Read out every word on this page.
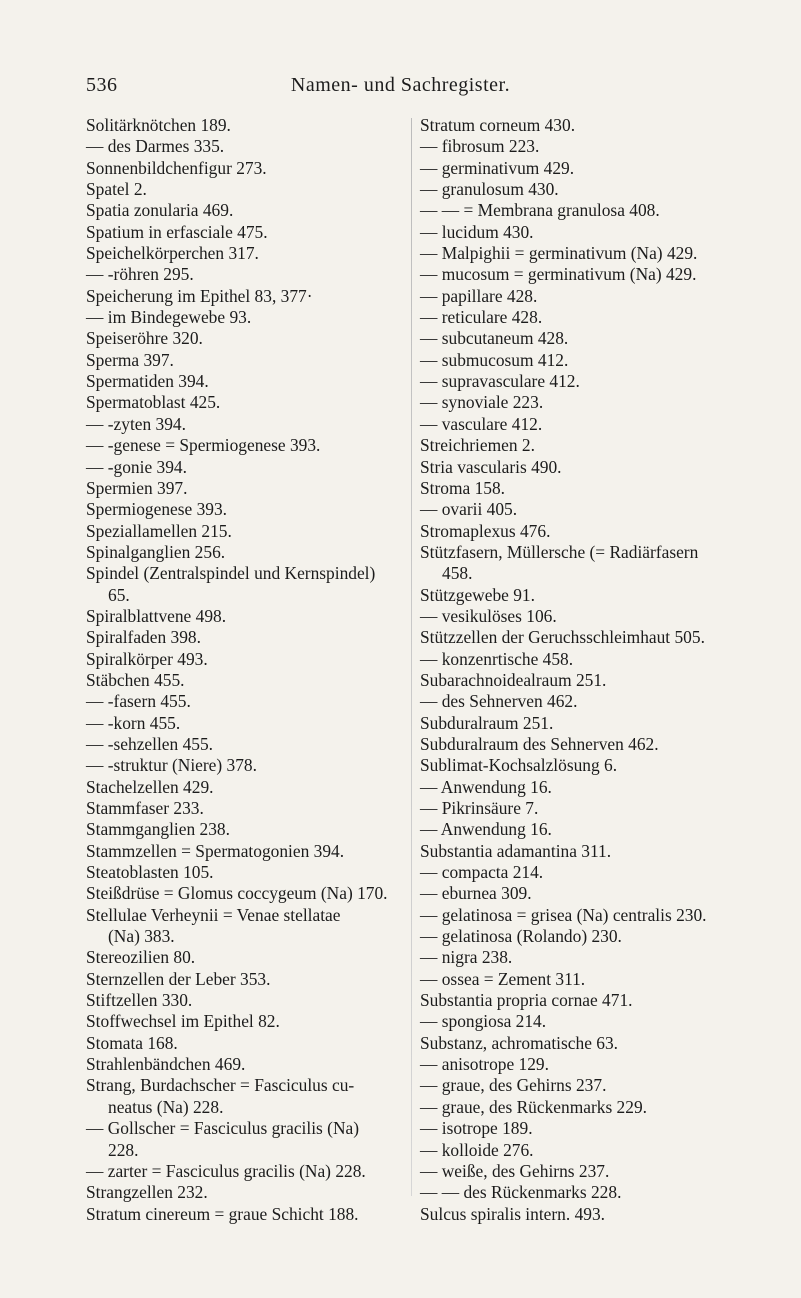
536	Namen- und Sachregister.
Solitärknötchen 189.
— des Darmes 335.
Sonnenbildchenfigur 273.
Spatel 2.
Spatia zonularia 469.
Spatium in erfasciale 475.
Speichelkörperchen 317.
— -röhren 295.
Speicherung im Epithel 83, 377·
— im Bindegewebe 93.
Speiseröhre 320.
Sperma 397.
Spermatiden 394.
Spermatoblast 425.
— -zyten 394.
— -genese = Spermiogenese 393.
— -gonie 394.
Spermien 397.
Spermiogenese 393.
Speziallamellen 215.
Spinalganglien 256.
Spindel (Zentralspindel und Kernspindel)
65.
Spiralblattvene 498.
Spiralfaden 398.
Spiralkörper 493.
Stäbchen 455.
— -fasern 455.
— -korn 455.
— -sehzellen 455.
— -struktur (Niere) 378.
Stachelzellen 429.
Stammfaser 233.
Stammganglien 238.
Stammzellen = Spermatogonien 394.
Steatoblasten 105.
Steißdrüse = Glomus coccygeum (Na) 170.
Stellulae Verheynii = Venae stellatae
(Na) 383.
Stereozilien 80.
Sternzellen der Leber 353.
Stiftzellen 330.
Stoffwechsel im Epithel 82.
Stomata 168.
Strahlenbändchen 469.
Strang, Burdachscher = Fasciculus cu-
neatus (Na) 228.
— Gollscher = Fasciculus gracilis (Na)
228.
— zarter = Fasciculus gracilis (Na) 228.
Strangzellen 232.
Stratum cinereum = graue Schicht 188.
Stratum corneum 430.
— fibrosum 223.
— germinativum 429.
— granulosum 430.
— — = Membrana granulosa 408.
— lucidum 430.
— Malpighii = germinativum (Na) 429.
— mucosum = germinativum (Na) 429.
— papillare 428.
— reticulare 428.
— subcutaneum 428.
— submucosum 412.
— supravasculare 412.
— synoviale 223.
— vasculare 412.
Streichriemen 2.
Stria vascularis 490.
Stroma 158.
— ovarii 405.
Stromaplexus 476.
Stützfasern, Müllersche (= Radiärfasern
458.
Stützgewebe 91.
— vesikulöses 106.
Stützzellen der Geruchsschleimhaut 505.
— konzenrtische 458.
Subarachnoidealraum 251.
— des Sehnerven 462.
Subduralraum 251.
Subduralraum des Sehnerven 462.
Sublimat-Kochsalzlösung 6.
— Anwendung 16.
— Pikrinsäure 7.
— Anwendung 16.
Substantia adamantina 311.
— compacta 214.
— eburnea 309.
— gelatinosa = grisea (Na) centralis 230.
— gelatinosa (Rolando) 230.
— nigra 238.
— ossea = Zement 311.
Substantia propria cornae 471.
— spongiosa 214.
Substanz, achromatische 63.
— anisotrope 129.
— graue, des Gehirns 237.
— graue, des Rückenmarks 229.
— isotrope 189.
— kolloide 276.
— weiße, des Gehirns 237.
— — des Rückenmarks 228.
Sulcus spiralis intern. 493.
